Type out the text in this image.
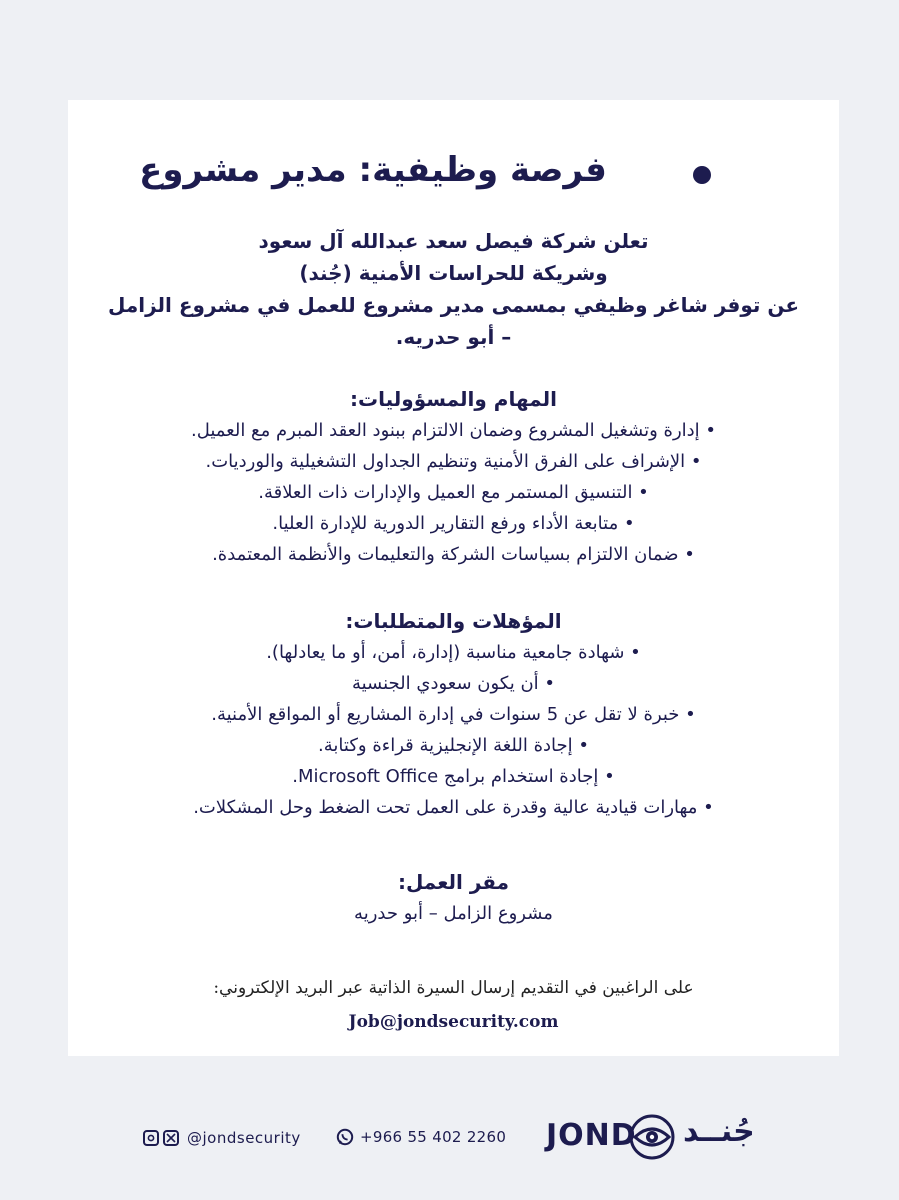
فرصة وظيفية: مدير مشروع
تعلن شركة فيصل سعد عبدالله آل سعود
وشريكة للحراسات الأمنية (جُند)
عن توفر شاغر وظيفي بمسمى مدير مشروع للعمل في مشروع الزامل
– أبو حدريه.
المهام والمسؤوليات:
• إدارة وتشغيل المشروع وضمان الالتزام ببنود العقد المبرم مع العميل.
• الإشراف على الفرق الأمنية وتنظيم الجداول التشغيلية والورديات.
• التنسيق المستمر مع العميل والإدارات ذات العلاقة.
• متابعة الأداء ورفع التقارير الدورية للإدارة العليا.
• ضمان الالتزام بسياسات الشركة والتعليمات والأنظمة المعتمدة.
المؤهلات والمتطلبات:
• شهادة جامعية مناسبة (إدارة، أمن، أو ما يعادلها).
• أن يكون سعودي الجنسية
• خبرة لا تقل عن 5 سنوات في إدارة المشاريع أو المواقع الأمنية.
• إجادة اللغة الإنجليزية قراءة وكتابة.
• إجادة استخدام برامج Microsoft Office.
• مهارات قيادية عالية وقدرة على العمل تحت الضغط وحل المشكلات.
مقر العمل:
مشروع الزامل – أبو حدريه
على الراغبين في التقديم إرسال السيرة الذاتية عبر البريد الإلكتروني:
Job@jondsecurity.com
@jondsecurity	+966 55 402 2260 JOND جُنــد
